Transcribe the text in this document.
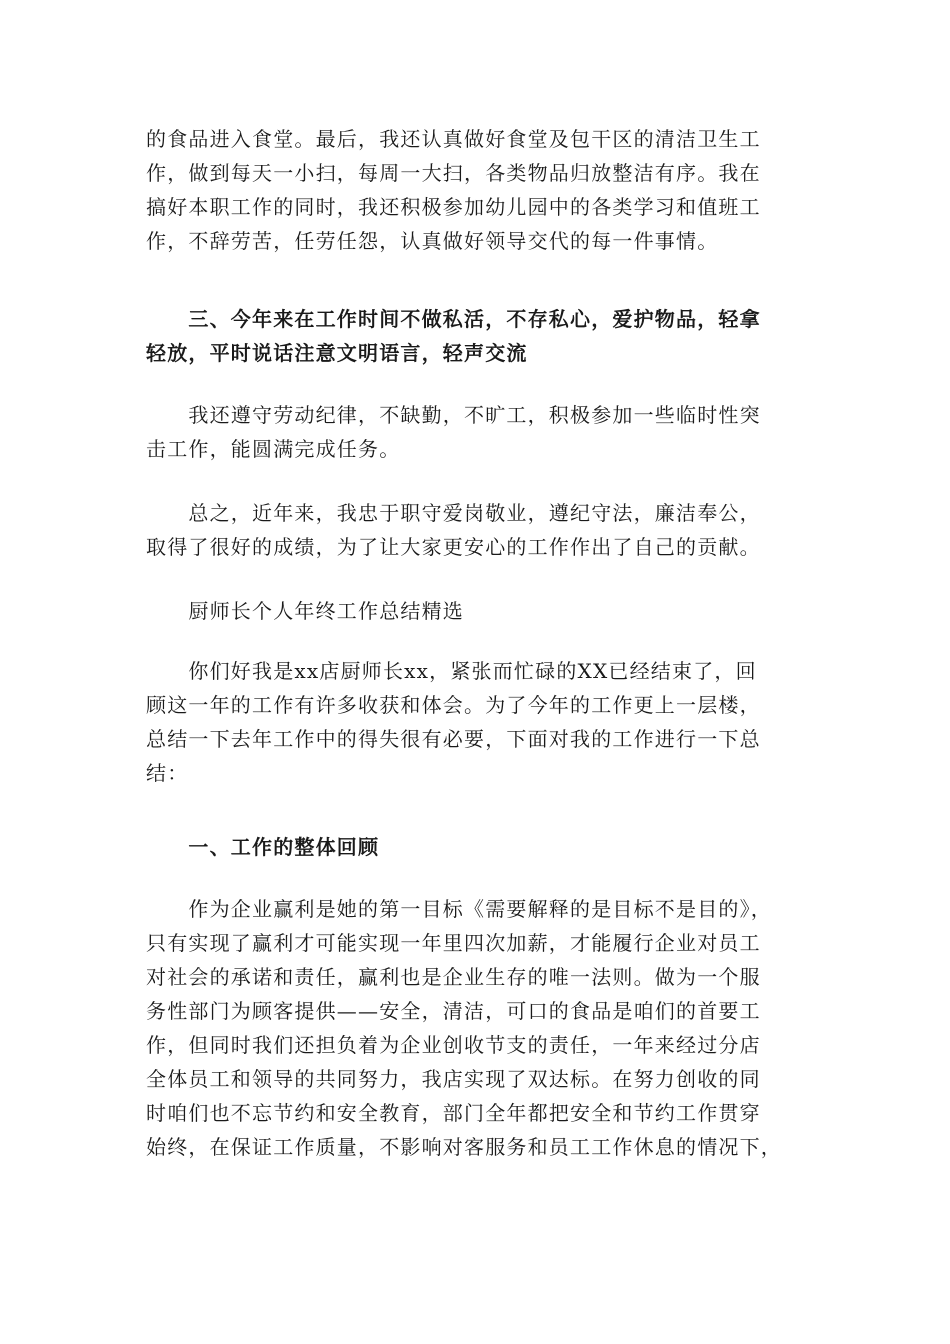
的食品进入食堂。最后，我还认真做好食堂及包干区的清洁卫生工
作，做到每天一小扫，每周一大扫，各类物品归放整洁有序。我在
搞好本职工作的同时，我还积极参加幼儿园中的各类学习和值班工
作，不辞劳苦，任劳任怨，认真做好领导交代的每一件事情。

　　三、今年来在工作时间不做私活，不存私心，爱护物品，轻拿
轻放，平时说话注意文明语言，轻声交流

　　我还遵守劳动纪律，不缺勤，不旷工，积极参加一些临时性突
击工作，能圆满完成任务。

　　总之，近年来，我忠于职守爱岗敬业，遵纪守法，廉洁奉公，
取得了很好的成绩，为了让大家更安心的工作作出了自己的贡献。

　　厨师长个人年终工作总结精选

　　你们好我是xx店厨师长xx，紧张而忙碌的XX已经结束了，回
顾这一年的工作有许多收获和体会。为了今年的工作更上一层楼，
总结一下去年工作中的得失很有必要，下面对我的工作进行一下总
结：

　　一、工作的整体回顾

　　作为企业赢利是她的第一目标《需要解释的是目标不是目的》，
只有实现了赢利才可能实现一年里四次加薪，才能履行企业对员工
对社会的承诺和责任，赢利也是企业生存的唯一法则。做为一个服
务性部门为顾客提供——安全，清洁，可口的食品是咱们的首要工
作，但同时我们还担负着为企业创收节支的责任，一年来经过分店
全体员工和领导的共同努力，我店实现了双达标。在努力创收的同
时咱们也不忘节约和安全教育，部门全年都把安全和节约工作贯穿
始终，在保证工作质量，不影响对客服务和员工工作休息的情况下，
